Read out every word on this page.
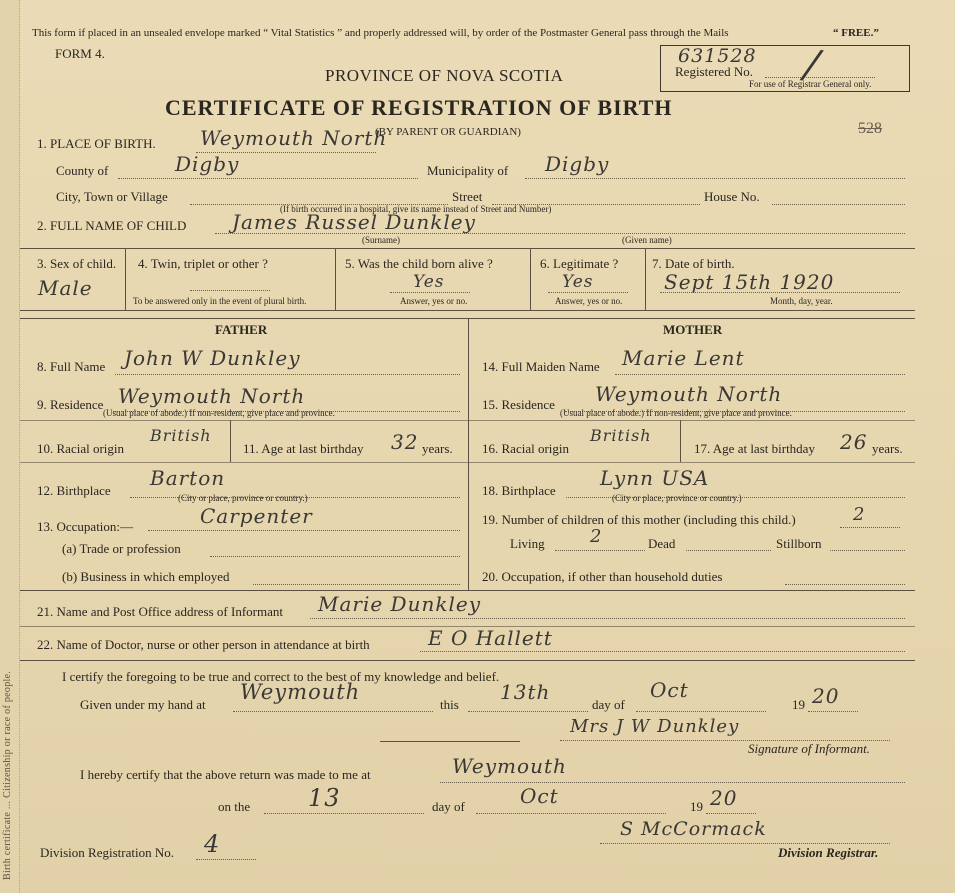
Birth certificate ... Citizenship or race of people.
This form if placed in an unsealed envelope marked “ Vital Statistics ” and properly addressed will, by order of the Postmaster General pass through the Mails	“ FREE.”
FORM 4.
PROVINCE OF NOVA SCOTIA
CERTIFICATE OF REGISTRATION OF BIRTH
(BY PARENT OR GUARDIAN)
631528
Registered No.
For use of Registrar General only.
/
528
1. PLACE OF BIRTH. Weymouth North
County of	Digby	Municipality of Digby
City, Town or Village	Street	House No.
(If birth occurred in a hospital, give its name instead of Street and Number)
2. FULL NAME OF CHILD James Russel Dunkley
(Surname)	(Given name)
3. Sex of child.
Male
4. Twin, triplet or other ?
To be answered only in the event of plural birth.
5. Was the child born alive ?
Yes
Answer, yes or no.
6. Legitimate ?
Yes
Answer, yes or no.
7. Date of birth.
Sept 15th 1920
Month, day, year.
FATHER	MOTHER
8. Full Name John W Dunkley
9. Residence Weymouth North
(Usual place of abode.) If non-resident, give place and province.
10. Racial origin
British
11. Age at last birthday 32 years.
12. Birthplace
Barton
(City or place, province or country.)
13. Occupation:—	Carpenter
(a) Trade or profession
(b) Business in which employed
14. Full Maiden Name Marie Lent
15. Residence Weymouth North
(Usual place of abode.) If non-resident, give place and province.
16. Racial origin
British
17. Age at last birthday 26 years.
18. Birthplace
Lynn USA
(City or place, province or country.)
19. Number of children of this mother (including this child.)	2
Living	2	Dead	Stillborn
20. Occupation, if other than household duties
21. Name and Post Office address of Informant Marie Dunkley
22. Name of Doctor, nurse or other person in attendance at birth	E O Hallett
I certify the foregoing to be true and correct to the best of my knowledge and belief.
Given under my hand at
Weymouth
this
13th
day of
Oct
19 20
Mrs J W Dunkley
Signature of Informant.
I hereby certify that the above return was made to me at	Weymouth
on the 13	day of	Oct	19 20
S McCormack
Division Registrar.
Division Registration No. 4
